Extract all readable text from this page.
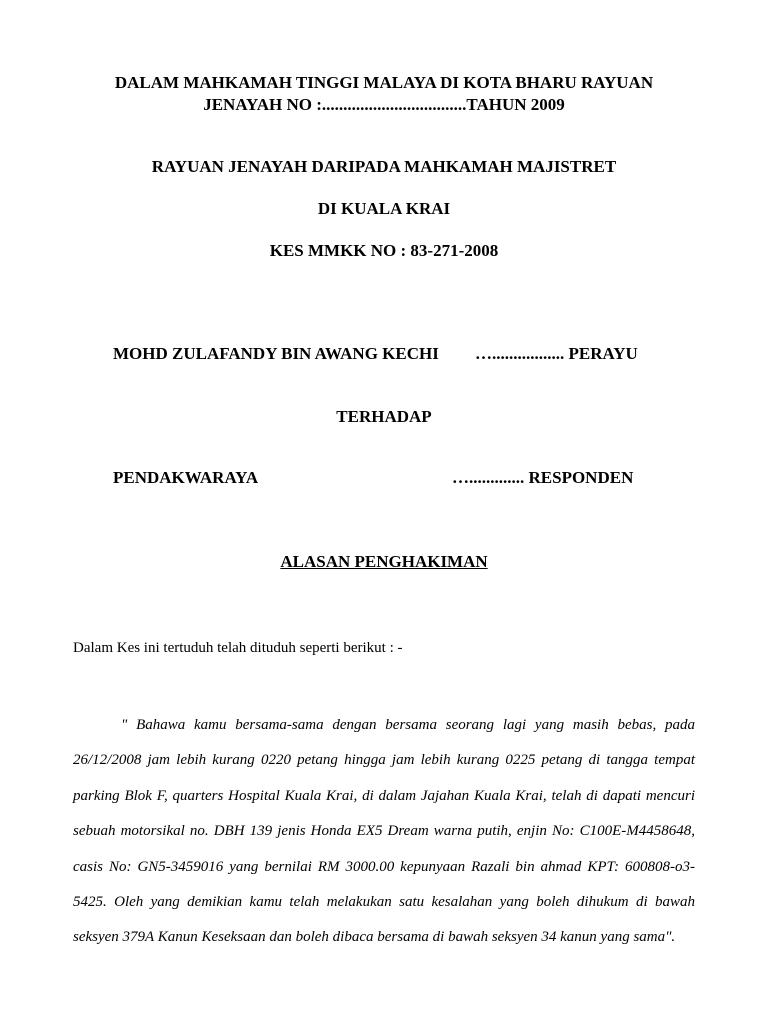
DALAM MAHKAMAH TINGGI MALAYA DI KOTA BHARU RAYUAN
JENAYAH NO :..................................TAHUN 2009
RAYUAN JENAYAH DARIPADA MAHKAMAH MAJISTRET
DI KUALA KRAI
KES MMKK NO : 83-271-2008
MOHD ZULAFANDY BIN AWANG KECHI …................. PERAYU
TERHADAP
PENDAKWARAYA	…............. RESPONDEN
ALASAN PENGHAKIMAN
Dalam Kes ini tertuduh telah dituduh seperti berikut : -
" Bahawa kamu bersama-sama dengan bersama seorang lagi yang masih bebas, pada 26/12/2008 jam lebih kurang 0220 petang hingga jam lebih kurang 0225 petang di tangga tempat parking Blok F, quarters Hospital Kuala Krai, di dalam Jajahan Kuala Krai, telah di dapati mencuri sebuah motorsikal no. DBH 139 jenis Honda EX5 Dream warna putih, enjin No: C100E-M4458648, casis No: GN5-3459016 yang bernilai RM 3000.00 kepunyaan Razali bin ahmad KPT: 600808-o3-5425. Oleh yang demikian kamu telah melakukan satu kesalahan yang boleh dihukum di bawah seksyen 379A Kanun Keseksaan dan boleh dibaca bersama di bawah seksyen 34 kanun yang sama".
